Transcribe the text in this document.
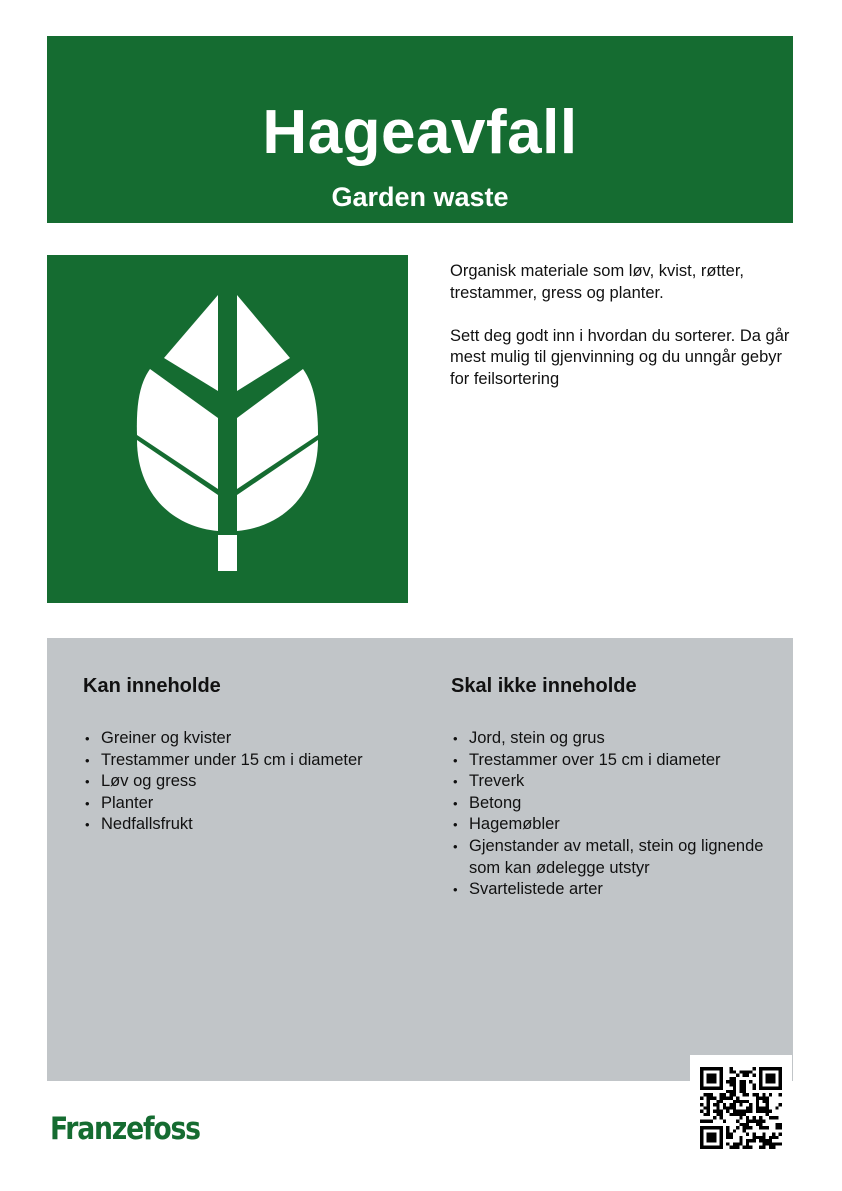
Hageavfall
Garden waste

Organisk materiale som løv, kvist, røtter, trestammer, gress og planter.

Sett deg godt inn i hvordan du sorterer. Da går mest mulig til gjenvinning og du unngår gebyr for feilsortering

Kan inneholde
• Greiner og kvister
• Trestammer under 15 cm i diameter
• Løv og gress
• Planter
• Nedfallsfrukt
Skal ikke inneholde
• Jord, stein og grus
• Trestammer over 15 cm i diameter
• Treverk
• Betong
• Hagemøbler
• Gjenstander av metall, stein og lignende som kan ødelegge utstyr
• Svartelistede arter
Franzefoss
